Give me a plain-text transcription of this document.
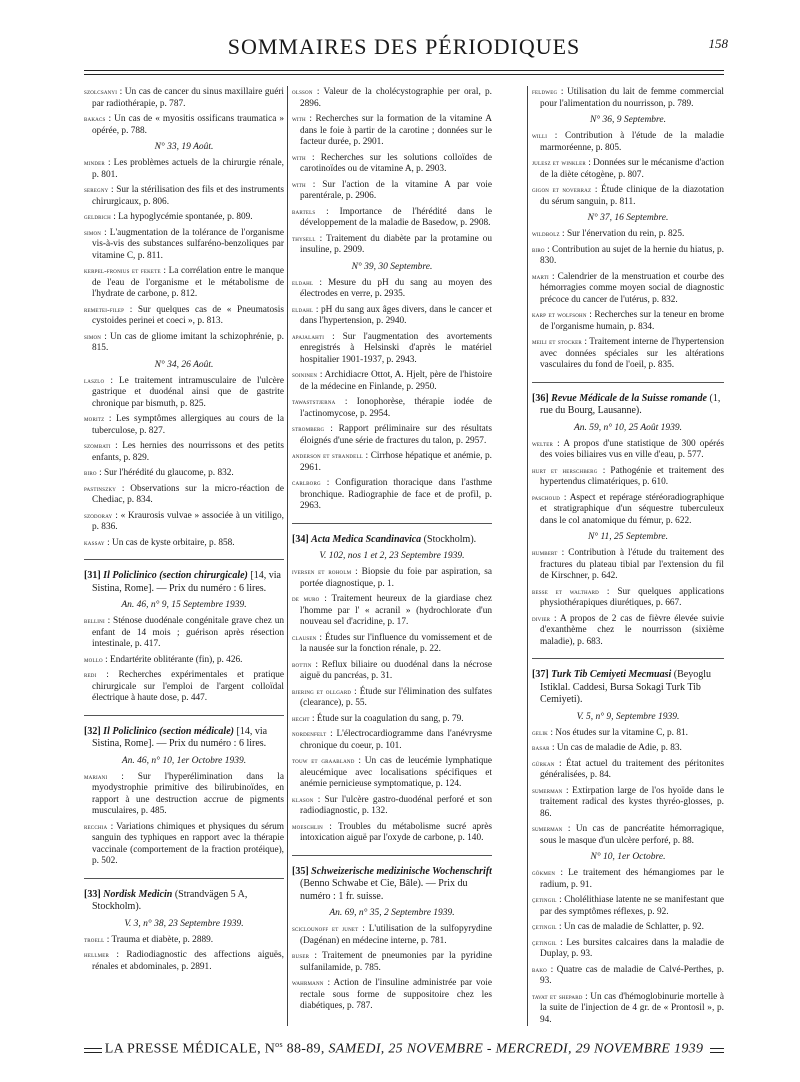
SOMMAIRES DES PÉRIODIQUES	158
szolcsanyi : Un cas de cancer du sinus maxillaire guéri par radiothérapie, p. 787.
bakacs : Un cas de « myositis ossificans traumatica » opérée, p. 788.
N° 33, 19 Août.
minder : Les problèmes actuels de la chirurgie rénale, p. 801.
seregny : Sur la stérilisation des fils et des instruments chirurgicaux, p. 806.
geldrich : La hypoglycémie spontanée, p. 809.
simon : L'augmentation de la tolérance de l'organisme vis-à-vis des substances sulfaréno-benzoliques par vitamine C, p. 811.
kerpel-fronius et fekete : La corrélation entre le manque de l'eau de l'organisme et le métabolisme de l'hydrate de carbone, p. 812.
remetei-filep : Sur quelques cas de « Pneumatosis cystoides perinei et coeci », p. 813.
simon : Un cas de gliome imitant la schizophrénie, p. 815.
N° 34, 26 Août.
laszlo : Le traitement intramusculaire de l'ulcère gastrique et duodénal ainsi que de gastrite chronique par bismuth, p. 825.
moritz : Les symptômes allergiques au cours de la tuberculose, p. 827.
szombati : Les hernies des nourrissons et des petits enfants, p. 829.
biro : Sur l'hérédité du glaucome, p. 832.
pastinszky : Observations sur la micro-réaction de Chediac, p. 834.
szodoray : « Kraurosis vulvae » associée à un vitiligo, p. 836.
kassay : Un cas de kyste orbitaire, p. 858.
[31] Il Policlinico (section chirurgicale) [14, via Sistina, Rome]. — Prix du numéro : 6 lires.
An. 46, n° 9, 15 Septembre 1939.
bellini : Sténose duodénale congénitale grave chez un enfant de 14 mois ; guérison après résection intestinale, p. 417.
mollo : Endartérite oblitérante (fin), p. 426.
redi : Recherches expérimentales et pratique chirurgicale sur l'emploi de l'argent colloïdal électrique à haute dose, p. 447.
[32] Il Policlinico (section médicale) [14, via Sistina, Rome]. — Prix du numéro : 6 lires.
An. 46, n° 10, 1er Octobre 1939.
mariani : Sur l'hyperélimination dans la myodystrophie primitive des bilirubinoïdes, en rapport à une destruction accrue de pigments musculaires, p. 485.
recchia : Variations chimiques et physiques du sérum sanguin des typhiques en rapport avec la thérapie vaccinale (comportement de la fraction protéique), p. 502.
[33] Nordisk Medicin (Strandvägen 5 A, Stockholm).
V. 3, n° 38, 23 Septembre 1939.
troell : Trauma et diabète, p. 2889.
hellmer : Radiodiagnostic des affections aiguës, rénales et abdominales, p. 2891.
olsson : Valeur de la cholécystographie per oral, p. 2896.
with : Recherches sur la formation de la vitamine A dans le foie à partir de la carotine ; données sur le facteur durée, p. 2901.
with : Recherches sur les solutions colloïdes de carotinoïdes ou de vitamine A, p. 2903.
with : Sur l'action de la vitamine A par voie parentérale, p. 2906.
bartels : Importance de l'hérédité dans le développement de la maladie de Basedow, p. 2908.
thysell : Traitement du diabète par la protamine ou insuline, p. 2909.
N° 39, 30 Septembre.
eldahl : Mesure du pH du sang au moyen des électrodes en verre, p. 2935.
eldahl : pH du sang aux âges divers, dans le cancer et dans l'hypertension, p. 2940.
apajalahti : Sur l'augmentation des avortements enregistrés à Helsinski d'après le matériel hospitalier 1901-1937, p. 2943.
soininen : Archidiacre Ottot, A. Hjelt, père de l'histoire de la médecine en Finlande, p. 2950.
tawaststjerna : Ionophorèse, thérapie iodée de l'actinomycose, p. 2954.
stromberg : Rapport préliminaire sur des résultats éloignés d'une série de fractures du talon, p. 2957.
anderson et strandell : Cirrhose hépatique et anémie, p. 2961.
carlborg : Configuration thoracique dans l'asthme bronchique. Radiographie de face et de profil, p. 2963.
[34] Acta Medica Scandinavica (Stockholm).
V. 102, nos 1 et 2, 23 Septembre 1939.
iversen et roholm : Biopsie du foie par aspiration, sa portée diagnostique, p. 1.
de muro : Traitement heureux de la giardiase chez l'homme par l' « acranil » (hydrochlorate d'un nouveau sel d'acridine, p. 17.
clausen : Études sur l'influence du vomissement et de la nausée sur la fonction rénale, p. 22.
bottin : Reflux biliaire ou duodénal dans la nécrose aiguë du pancréas, p. 31.
bjering et ollgard : Étude sur l'élimination des sulfates (clearance), p. 55.
hecht : Étude sur la coagulation du sang, p. 79.
nordenfelt : L'électrocardiogramme dans l'anévrysme chronique du coeur, p. 101.
touw et graabland : Un cas de leucémie lymphatique aleucémique avec localisations spécifiques et anémie pernicieuse symptomatique, p. 124.
klason : Sur l'ulcère gastro-duodénal perforé et son radiodiagnostic, p. 132.
moeschlin : Troubles du métabolisme sucré après intoxication aiguë par l'oxyde de carbone, p. 140.
[35] Schweizerische medizinische Wochenschrift (Benno Schwabe et Cie, Bâle). — Prix du numéro : 1 fr. suisse.
An. 69, n° 35, 2 Septembre 1939.
sciclounoff et junet : L'utilisation de la sulfopyrydine (Dagénan) en médecine interne, p. 781.
buser : Traitement de pneumonies par la pyridine sulfanilamide, p. 785.
wahrmann : Action de l'insuline administrée par voie rectale sous forme de suppositoire chez les diabétiques, p. 787.
feldweg : Utilisation du lait de femme commercial pour l'alimentation du nourrisson, p. 789.
N° 36, 9 Septembre.
willi : Contribution à l'étude de la maladie marmoréenne, p. 805.
julesz et winkler : Données sur le mécanisme d'action de la diète cétogène, p. 807.
gigon et noverraz : Étude clinique de la diazotation du sérum sanguin, p. 811.
N° 37, 16 Septembre.
wildbolz : Sur l'énervation du rein, p. 825.
biro : Contribution au sujet de la hernie du hiatus, p. 830.
marti : Calendrier de la menstruation et courbe des hémorragies comme moyen social de diagnostic précoce du cancer de l'utérus, p. 832.
karp et wolfsohn : Recherches sur la teneur en brome de l'organisme humain, p. 834.
meili et stocker : Traitement interne de l'hypertension avec données spéciales sur les altérations vasculaires du fond de l'oeil, p. 835.
[36] Revue Médicale de la Suisse romande (1, rue du Bourg, Lausanne).
An. 59, n° 10, 25 Août 1939.
welter : A propos d'une statistique de 300 opérés des voies biliaires vus en ville d'eau, p. 577.
hurt et herschberg : Pathogénie et traitement des hypertendus climatériques, p. 610.
paschoud : Aspect et repérage stéréoradiographique et stratigraphique d'un séquestre tuberculeux dans le col anatomique du fémur, p. 622.
N° 11, 25 Septembre.
humbert : Contribution à l'étude du traitement des fractures du plateau tibial par l'extension du fil de Kirschner, p. 642.
besse et walthard : Sur quelques applications physiothérapiques diurétiques, p. 667.
divier : A propos de 2 cas de fièvre élevée suivie d'exanthème chez le nourrisson (sixième maladie), p. 683.
[37] Turk Tib Cemiyeti Mecmuasi (Beyoglu Istiklal. Caddesi, Bursa Sokagi Turk Tib Cemiyeti).
V. 5, n° 9, Septembre 1939.
gelik : Nos études sur la vitamine C, p. 81.
basar : Un cas de maladie de Adie, p. 83.
gürkan : État actuel du traitement des péritonites généralisées, p. 84.
sumerman : Extirpation large de l'os hyoïde dans le traitement radical des kystes thyréo-glosses, p. 86.
sumerman : Un cas de pancréatite hémorragique, sous le masque d'un ulcère perforé, p. 88.
N° 10, 1er Octobre.
gökmen : Le traitement des hémangiomes par le radium, p. 91.
çetingil : Cholélithiase latente ne se manifestant que par des symptômes réflexes, p. 92.
çetingil : Un cas de maladie de Schlatter, p. 92.
çetingil : Les bursites calcaires dans la maladie de Duplay, p. 93.
bako : Quatre cas de maladie de Calvé-Perthes, p. 93.
tavat et shepard : Un cas d'hémoglobinurie mortelle à la suite de l'injection de 4 gr. de « Prontosil », p. 94.
LA PRESSE MÉDICALE, $N^{os}$ 88-89, SAMEDI, 25 NOVEMBRE - MERCREDI, 29 NOVEMBRE 1939
